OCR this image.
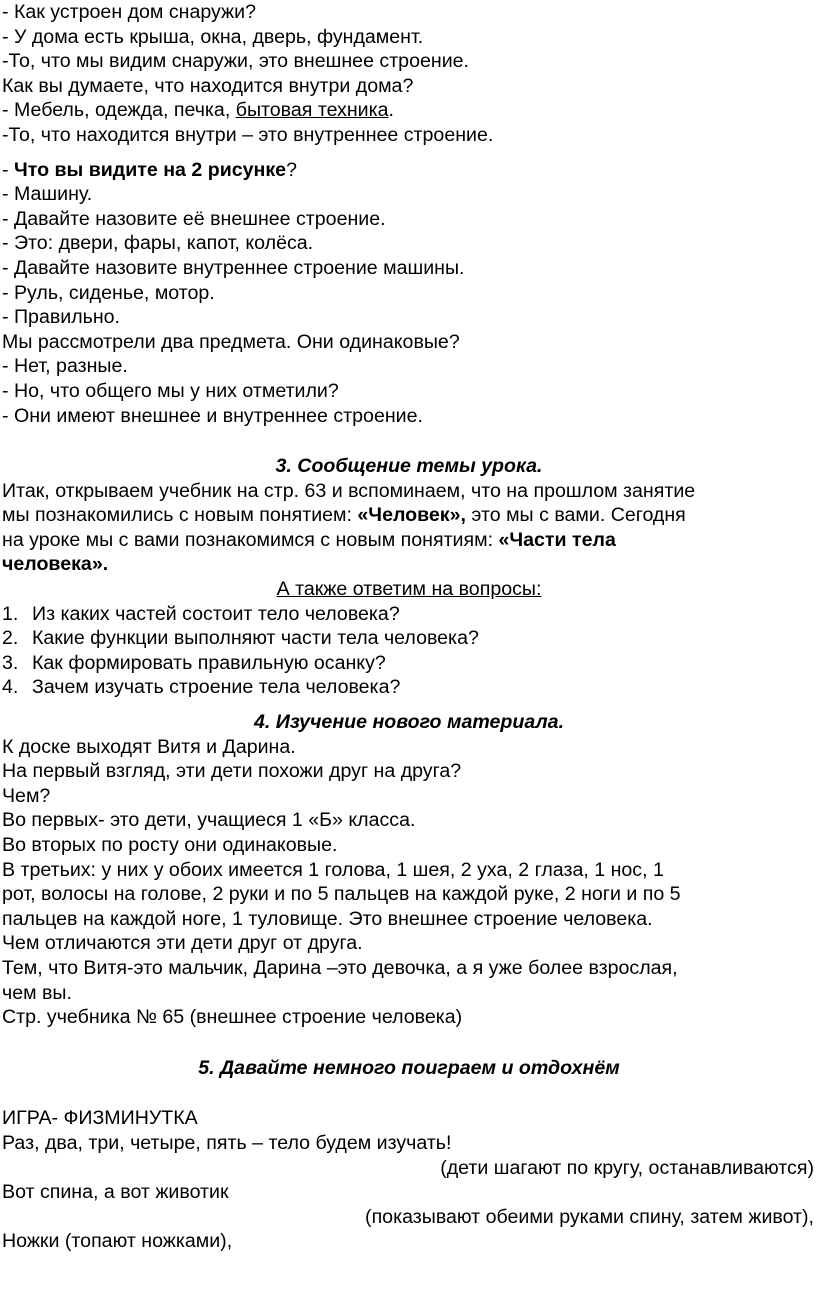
- Как устроен дом снаружи?

- У дома есть крыша, окна, дверь, фундамент.

-То, что мы видим снаружи, это внешнее строение.

Как вы думаете, что находится внутри дома?

- Мебель, одежда, печка, бытовая техника.

-То, что находится внутри – это внутреннее строение.

- Что вы видите на 2 рисунке?

- Машину.

- Давайте назовите её внешнее строение.

- Это: двери, фары, капот, колёса.

- Давайте назовите внутреннее строение машины.

- Руль, сиденье, мотор.

- Правильно.

Мы рассмотрели два предмета. Они одинаковые?

- Нет, разные.

- Но, что общего мы у них отметили?

- Они имеют внешнее и внутреннее строение.

3. Сообщение темы урока.

Итак, открываем учебник на стр. 63 и вспоминаем, что на прошлом занятие

мы познакомились с новым понятием: «Человек», это мы с вами. Сегодня

на уроке мы с вами познакомимся с новым понятиям: «Части тела

человека».

А также ответим на вопросы:

1. Из каких частей состоит тело человека?
2. Какие функции выполняют части тела человека?
3. Как формировать правильную осанку?
4. Зачем изучать строение тела человека?

4. Изучение нового материала.

К доске выходят Витя и Дарина.

На первый взгляд, эти дети похожи друг на друга?

Чем?

Во первых- это дети, учащиеся 1 «Б» класса.

Во вторых по росту они одинаковые.

В третьих: у них у обоих имеется 1 голова, 1 шея, 2 уха, 2 глаза, 1 нос, 1

рот, волосы на голове, 2 руки и по 5 пальцев на каждой руке, 2 ноги и по 5

пальцев на каждой ноге, 1 туловище. Это внешнее строение человека.

Чем отличаются эти дети друг от друга.

Тем, что Витя-это мальчик, Дарина –это девочка, а я уже более взрослая,

чем вы.

Стр. учебника № 65 (внешнее строение человека)

5. Давайте немного поиграем и отдохнём

ИГРА- ФИЗМИНУТКА

Раз, два, три, четыре, пять – тело будем изучать!

(дети шагают по кругу, останавливаются)

Вот спина, а вот животик

(показывают обеими руками спину, затем живот),

Ножки (топают ножками),
